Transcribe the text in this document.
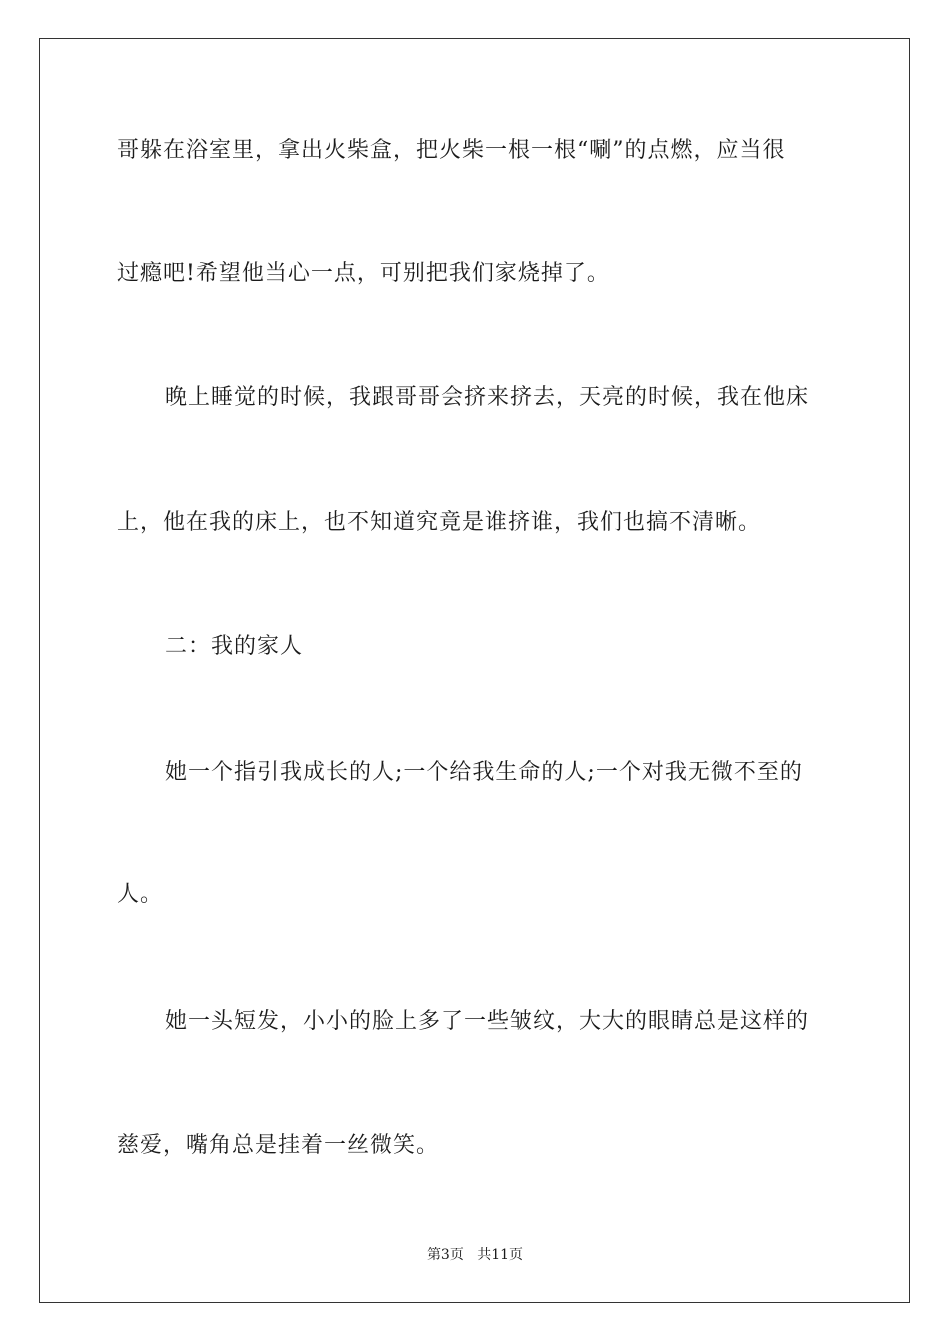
哥躲在浴室里，拿出火柴盒，把火柴一根一根“唰”的点燃，应当很
过瘾吧!希望他当心一点，可别把我们家烧掉了。
晚上睡觉的时候，我跟哥哥会挤来挤去，天亮的时候，我在他床
上，他在我的床上，也不知道究竟是谁挤谁，我们也搞不清晰。
二：我的家人
她一个指引我成长的人;一个给我生命的人;一个对我无微不至的
人。
她一头短发，小小的脸上多了一些皱纹，大大的眼睛总是这样的
慈爱，嘴角总是挂着一丝微笑。
第3页 共11页
